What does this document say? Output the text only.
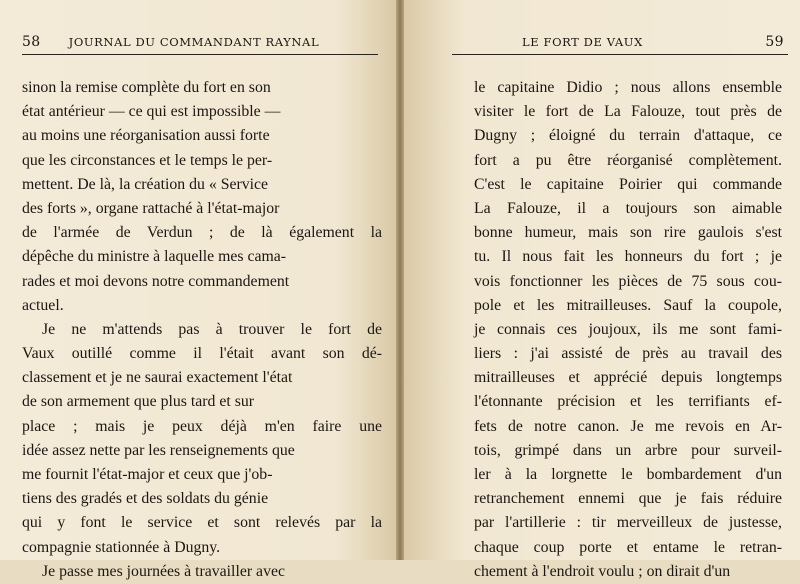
58 JOURNAL DU COMMANDANT RAYNAL
sinon la remise complète du fort en son
état antérieur — ce qui est impossible —
au moins une réorganisation aussi forte
que les circonstances et le temps le per-
mettent. De là, la création du « Service
des forts », organe rattaché à l'état-major
de l'armée de Verdun ; de là également la
dépêche du ministre à laquelle mes cama-
rades et moi devons notre commandement
actuel.
Je ne m'attends pas à trouver le fort de
Vaux outillé comme il l'était avant son dé-
classement et je ne saurai exactement l'état
de son armement que plus tard et sur
place ; mais je peux déjà m'en faire une
idée assez nette par les renseignements que
me fournit l'état-major et ceux que j'ob-
tiens des gradés et des soldats du génie
qui y font le service et sont relevés par la
compagnie stationnée à Dugny.
Je passe mes journées à travailler avec
LE FORT DE VAUX	59
le capitaine Didio ; nous allons ensemble
visiter le fort de La Falouze, tout près de
Dugny ; éloigné du terrain d'attaque, ce
fort a pu être réorganisé complètement.
C'est le capitaine Poirier qui commande
La Falouze, il a toujours son aimable
bonne humeur, mais son rire gaulois s'est
tu. Il nous fait les honneurs du fort ; je
vois fonctionner les pièces de 75 sous cou-
pole et les mitrailleuses. Sauf la coupole,
je connais ces joujoux, ils me sont fami-
liers : j'ai assisté de près au travail des
mitrailleuses et apprécié depuis longtemps
l'étonnante précision et les terrifiants ef-
fets de notre canon. Je me revois en Ar-
tois, grimpé dans un arbre pour surveil-
ler à la lorgnette le bombardement d'un
retranchement ennemi que je fais réduire
par l'artillerie : tir merveilleux de justesse,
chaque coup porte et entame le retran-
chement à l'endroit voulu ; on dirait d'un
